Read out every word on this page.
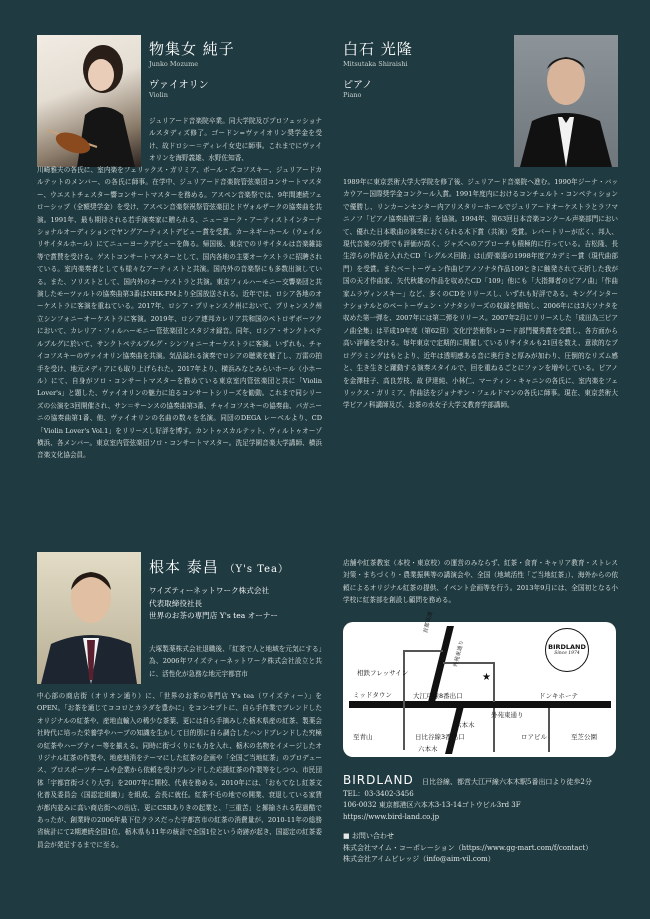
物集女 純子
Junko Mozume
ヴァイオリン
Violin

ジュリアード音楽院卒業。同大学院及びプロフェッショナルスタディズ修了。ゴードン=ヴァイオリン奨学金を受け、故ドロシー＝ディレイ女史に師事。これまでにヴァイオリンを海野義雄、水野佐知香、

川崎雅夫の各氏に、室内楽をフェリックス・ガリミア、ボール・ズコフスキー、ジュリアードカルテットのメンバー、の各氏に師事。在学中、ジュリアード音楽院管弦楽団コンサートマスター、ウエストチェスター響コンサートマスターを務める。アスペン音楽祭では、9年間連続フェローシップ（全額奨学金）を受け、アスペン音楽祭祝祭管弦楽団とドヴォルザークの協奏曲を共演。1991年、最も期待される若手演奏家に贈られる、ニューヨーク・アーティストインターナショナルオーディションでヤングアーティストデビュー賞を受賞。カーネギーホール（ウェイルリサイタルホール）にてニューヨークデビューを飾る。帰国後、東京でのリサイタルは音楽雑誌等で賞賛を受ける。ゲストコンサートマスターとして、国内各地の主要オーケストラに招聘されている。室内楽奏者としても様々なアーティストと共演。国内外の音楽祭にも多数出演している。また、ソリストとして、国内外のオーケストラと共演。東京フィルハーモニー交響楽団と共演したモーツァルトの協奏曲第3番はNHK-FMより全国放送される。近年では、ロシア各地のオーケストラに客演を重ねている。2017年、ロシア・プリャンスク州において、プリャンスク州立シンフォニーオーケストラに客演。2019年、ロシア連邦カレリア共和国のペトロザボーツクにおいて、カレリア・フィルハーモニー管弦楽団とスタジオ録音。同年、ロシア・サンクトペテルブルグに於いて、サンクトペテルブルグ・シンフォニーオーケストラに客演。いずれも、チャイコフスキーのヴァイオリン協奏曲を共演。気品溢れる演奏でロシアの聴衆を魅了し、万雷の拍手を受け、地元メディアにも取り上げられた。2017年より、横浜みなとみらいホール（小ホール）にて、自身がソロ・コンサートマスターを務めている東京室内管弦楽団と共に「Violin Lover's」と題した、ヴァイオリンの魅力に迫るコンサートシリーズを勧動。これまで同シリーズの公演を3回開催され、サン＝サーンスの協奏曲第3番、チャイコフスキーの協奏曲、パガニーニの協奏曲第1番、他、ヴァイオリンの名曲の数々を名演。同団のDEGA レーベルより、CD「Violin Lover's Vol.1」をリリースし好評を博す。カントゥスカルテット、ヴィルトゥオーゾ横浜、各メンバー。東京室内管弦楽団ソロ・コンサートマスター。洗足学園音楽大学講師、横浜音楽文化協会員。

白石 光隆
Mitsutaka Shiraishi
ピアノ
Piano

1989年に東京芸術大学大学院を修了後、ジュリアード音楽院へ進む。1990年ジーナ・バッカウアー国際奨学金コンクール入賞。1991年度内におけるコンチェルト・コンペティションで優勝し、リンカーンセンター内アリスタリーホールでジュリアードオーケストラとラフマニノフ「ピアノ協奏曲第三番」を協演。1994年、第63回日本音楽コンクール声楽部門において、優れた日本歌曲の演奏におくられる木下賞（共演）受賞。レパートリーが広く、邦人、現代音楽の分野でも評価が高く、ジャズへのアプローチも積極的に行っている。吉松隆、長生淳らの作品を入れたCD「レグルス回路」は山野楽器の1998年度アカデミー賞（現代曲部門）を受賞。またベートーヴェン作曲ピアノソナタ作品109ときに触発されて天折した我が国の天才作曲家、矢代秋雄の作品を収めたCD「109」他にも「大指揮者のピアノ曲」「作曲家ムラヴィンスキー」など、多くのCDをリリースし、いずれも好評である。キングインターナショナルとのベートーヴェン・ソナタシリーズの収録を開始し、2006年には3大ソナタを収めた第一弾を、2007年には第二弾をリリース。2007年2月にリリースした「成田為三ピアノ曲全集」は平成19年度（第62回）文化庁芸術祭レコード部門優秀賞を受賞し、各方面から高い評価を受ける。毎年東京で定期的に開催しているリサイタルも21回を数え、意欲的なプログラミングはもとより、近年は透明感ある音に奥行きと厚みが加わり、圧倒的なリズム感と、生き生きと躍動する演奏スタイルで、回を重ねるごとにファンを増やしている。ピアノを金澤桂子、高良芳枝、故 伊達純、小林仁、マーティン・キャニンの各氏に、室内楽をフェリックス・ガリミア、作曲法をジョナサン・フェルドマンの各氏に師事。現在、東京芸術大学ピアノ科講師及び、お茶の水女子大学文教育学部講師。

根本 泰昌 （Y's Tea）
ワイズティーネットワーク株式会社
代表取締役社長
世界のお茶の専門店 Y's tea オーナー

大塚製薬株式会社退職後、「紅茶で人と地域を元気にする」為、2006年ワイズティーネットワーク株式会社設立と共に、活性化が急務な地元宇都宮市

中心部の商店街（オリオン通り）に、「世界のお茶の専門店 Y's tea（ワイズティー）」をOPEN。「お茶を通じてココロとカラダを豊かに」をコンセプトに、自ら手作業でブレンドしたオリジナルの紅茶や、産地直輸入の稀少な茶葉、更には自ら手摘みした栃木県産の紅茶、製薬会社時代に培った栄養学やハーブの知識を生かして目的別に自ら調合したハンドブレンドした究極の紅茶やハーブティー等を揃える。同時に街づくりにも力を入れ、栃木の名物をイメージしたオリジナル紅茶の作製や、地産地消をテーマにした紅茶の企画や「全国ご当地紅茶」のプロデュース、プロスポーツチームや企業から依頼を受けブレンドした応援紅茶の作製等をしつつ、市民団体「宇都宮街づくり大学」を2007年に開校、代表を務める。2010年には、「おもてなし紅茶文化普及委員会（国認定組織）」を組成、会長に就任。紅茶不毛の地での開業、衰退している家賃が都内並みに高い商店街への出店、更にCSRありきの起業と、「三重苦」と揶揄される程過酷であったが、創業時の2006年最下位クラスだった宇都宮市の紅茶の消費量が、2010-11年の総務省統計にて2期連続全国1位、栃木県も11年の統計で全国1位という奇跡が起き、国認定の紅茶委員会が発足するまでに至る。

店舗や紅茶教室（本校・東京校）の運営のみならず、紅茶・食育・キャリア教育・ストレス対策・まちづくり・農業振興等の講演会や、全国（地域活性「ご当地紅茶」）、海外からの依頼によるオリジナル紅茶の提供、イベント企画等を行う。2013年9月には、全国初となる小学校に紅茶部を創設し顧問を務める。

首都高速
外苑東通り
相鉄フレッサイン	★
ミッドタウン	大江戸線8番出口	ドンキホーテ
外苑東通り
至青山	日比谷線3番出口
六本木
ロアビル	至芝公園
六本木
BIRDLAND
Since 1974
BIRDLAND 日比谷線、都営大江戸線六本木駅5番出口より徒歩2分
TEL：03-3402-3456
106-0032 東京都港区六本木3-13-14ゴトウビル3rd 3F
https://www.bird-land.co.jp
■ お問い合わせ
株式会社マイム・コーポレーション（https://www.gg-mart.com/f/contact）
株式会社アイムビレッジ（info@aim-vil.com）
